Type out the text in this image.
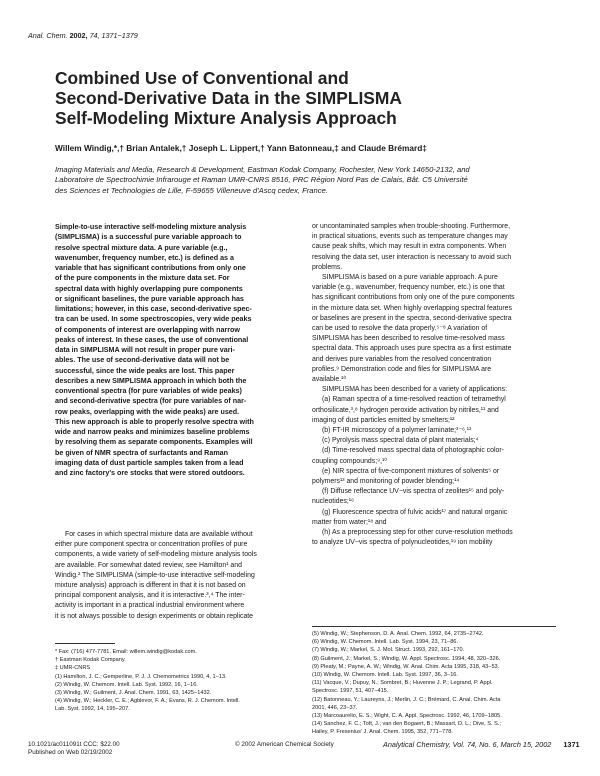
Anal. Chem. 2002, 74, 1371−1379
Combined Use of Conventional and
Second-Derivative Data in the SIMPLISMA
Self-Modeling Mixture Analysis Approach
Willem Windig,*,† Brian Antalek,† Joseph L. Lippert,† Yann Batonneau,‡ and Claude Brémard‡
Imaging Materials and Media, Research & Development, Eastman Kodak Company, Rochester, New York 14650-2132, and
Laboratoire de Spectrochimie Infrarouge et Raman UMR-CNRS 8516, PRC Région Nord Pas de Calais, Bât. C5 Université
des Sciences et Technologies de Lille, F-59655 Villeneuve d'Ascq cedex, France.
Simple-to-use interactive self-modeling mixture analysis
(SIMPLISMA) is a successful pure variable approach to
resolve spectral mixture data. A pure variable (e.g.,
wavenumber, frequency number, etc.) is defined as a
variable that has significant contributions from only one
of the pure components in the mixture data set. For
spectral data with highly overlapping pure components
or significant baselines, the pure variable approach has
limitations; however, in this case, second-derivative spec-
tra can be used. In some spectroscopies, very wide peaks
of components of interest are overlapping with narrow
peaks of interest. In these cases, the use of conventional
data in SIMPLISMA will not result in proper pure vari-
ables. The use of second-derivative data will not be
successful, since the wide peaks are lost. This paper
describes a new SIMPLISMA approach in which both the
conventional spectra (for pure variables of wide peaks)
and second-derivative spectra (for pure variables of nar-
row peaks, overlapping with the wide peaks) are used.
This new approach is able to properly resolve spectra with
wide and narrow peaks and minimizes baseline problems
by resolving them as separate components. Examples will
be given of NMR spectra of surfactants and Raman
imaging data of dust particle samples taken from a lead
and zinc factory's ore stocks that were stored outdoors.
For cases in which spectral mixture data are available without
either pure component spectra or concentration profiles of pure
components, a wide variety of self-modeling mixture analysis tools
are available. For somewhat dated review, see Hamilton¹ and
Windig.² The SIMPLISMA (simple-to-use interactive self-modeling
mixture analysis) approach is different in that it is not based on
principal component analysis, and it is interactive.³,⁴ The inter-
activity is important in a practical industrial environment where
it is not always possible to design experiments or obtain replicate
* Fax: (716) 477-7781. Email: willem.windig@kodak.com.
† Eastman Kodak Company.
‡ UMR-CNRS
(1) Hamilton, J. C.; Gemperline, P. J. J. Chemometrics 1990, 4, 1−13.
(2) Windig, W. Chemom. Intell. Lab. Syst. 1992, 16, 1−16.
(3) Windig, W.; Guilment, J. Anal. Chem. 1991, 63, 1425−1432.
(4) Windig, W.; Heckler, C. E.; Agblevor, F. A.; Evans, R. J. Chemom. Intell.
Lab. Syst. 1992, 14, 195−207.
or uncontaminated samples when trouble-shooting. Furthermore,
in practical situations, events such as temperature changes may
cause peak shifts, which may result in extra components. When
resolving the data set, user interaction is necessary to avoid such
problems.
SIMPLISMA is based on a pure variable approach. A pure
variable (e.g., wavenumber, frequency number, etc.) is one that
has significant contributions from only one of the pure components
in the mixture data set. When highly overlapping spectral features
or baselines are present in the spectra, second-derivative spectra
can be used to resolve the data properly.⁵⁻⁸ A variation of
SIMPLISMA has been described to resolve time-resolved mass
spectral data. This approach uses pure spectra as a first estimate
and derives pure variables from the resolved concentration
profiles.⁹ Demonstration code and files for SIMPLISMA are
available.¹⁰
SIMPLISMA has been described for a variety of applications:
(a) Raman spectra of a time-resolved reaction of tetramethyl
orthosilicate,³,⁸ hydrogen peroxide activation by nitriles,¹¹ and
imaging of dust particles emitted by smelters;¹²
(b) FT-IR microscopy of a polymer laminate;³⁻⁶,¹³
(c) Pyrolysis mass spectral data of plant materials;⁴
(d) Time-resolved mass spectral data of photographic color-
coupling compounds;⁹,¹⁰
(e) NIR spectra of five-component mixtures of solvents⁵ or
polymers¹³ and monitoring of powder blending;¹⁴
(f) Diffuse reflectance UV−vis spectra of zeolites¹⁵ and poly-
nucleotides;¹⁶
(g) Fluorescence spectra of fulvic acids¹⁷ and natural organic
matter from water;¹⁸ and
(h) As a preprocessing step for other curve-resolution methods
to analyze UV−vis spectra of polynucleotides,¹⁹ ion mobility
(5) Windig, W.; Stephenson, D. A. Anal. Chem. 1992, 64, 2735−2742.
(6) Windig, W. Chemom. Intell. Lab. Syst. 1994, 23, 71−86.
(7) Windig, W.; Markel, S. J. Mol. Struct. 1993, 292, 161−170.
(8) Guilment, J.; Markel, S.; Windig, W. Appl. Spectrosc. 1994, 48, 320−326.
(9) Pleaty, M.; Payne, A. W.; Windig, W. Anal. Chim. Acta 1995, 318, 43−53.
(10) Windig, W. Chemom. Intell. Lab. Syst. 1997, 36, 3−16.
(11) Vacque, V.; Dupuy, N.; Sombret, B.; Huvenne J. P.; Legrand, P. Appl.
Spectrosc. 1997, 51, 407−415.
(12) Batonneau, Y.; Laureyns, J.; Merlin, J. C.; Brémard, C. Anal. Chim. Acta
2001, 446, 23−37.
(13) Marcoaurelio, E. S.; Wight, C. A. Appl. Spectrosc. 1992, 46, 1709−1805.
(14) Sanchez, F. C.; Toft, J.; van den Bogaert, B.; Massart, D. L.; Dive, S. S.;
Hailey, P. Fresenius' J. Anal. Chem. 1995, 352, 771−778.
10.1021/ac011091t CCC: $22.00
Published on Web 02/19/2002
© 2002 American Chemical Society	Analytical Chemistry, Vol. 74, No. 6, March 15, 2002 1371
